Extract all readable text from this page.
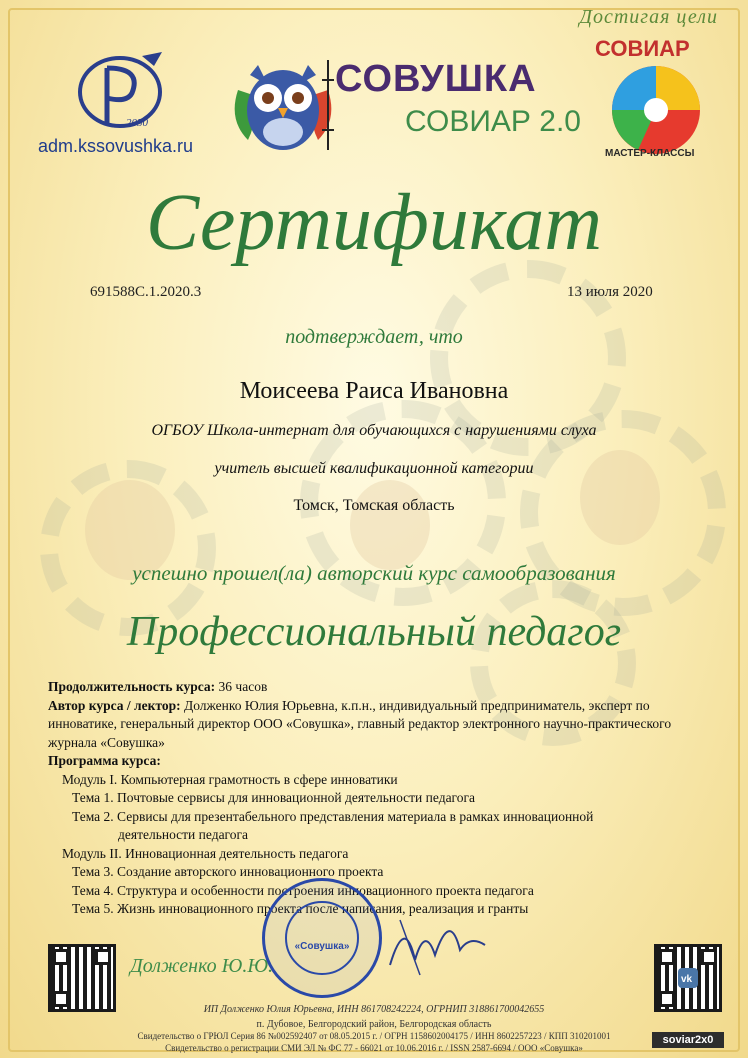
2030
adm.kssovushka.ru
СОВУШКА
СОВИАР 2.0
Достигая цели
СОВИАР
МАСТЕР-КЛАССЫ
Сертификат
691588С.1.2020.3	13 июля 2020
подтверждает, что
Моисеева Раиса Ивановна
ОГБОУ Школа-интернат для обучающихся с нарушениями слуха
учитель высшей квалификационной категории
Томск, Томская область
успешно прошел(ла) авторский курс самообразования
Профессиональный педагог
Продолжительность курса: 36 часов
Автор курса / лектор: Долженко Юлия Юрьевна, к.п.н., индивидуальный предприниматель, эксперт по инноватике, генеральный директор ООО «Совушка», главный редактор электронного научно-практического журнала «Совушка»
Программа курса:
Модуль I. Компьютерная грамотность в сфере инноватики
Тема 1. Почтовые сервисы для инновационной деятельности педагога
Тема 2. Сервисы для презентабельного представления материала в рамках инновационной
деятельности педагога
Модуль II. Инновационная деятельность педагога
Тема 3. Создание авторского инновационного проекта
Тема 4. Структура и особенности построения инновационного проекта педагога
Тема 5. Жизнь инновационного проекта после написания, реализация и гранты
vk
«Совушка»
Долженко Ю.Ю.
ИП Долженко Юлия Юрьевна, ИНН 861708242224, ОГРНИП 318861700042655
п. Дубовое, Белгородский район, Белгородская область
Свидетельство о ГРЮЛ Серия 86 №002592407 от 08.05.2015 г. / ОГРН 1158602004175 / ИНН 8602257223 / КПП 310201001
Свидетельство о регистрации СМИ ЭЛ № ФС 77 - 66021 от 10.06.2016 г. / ISSN 2587-6694 / ООО «Совушка»
soviar2x0
